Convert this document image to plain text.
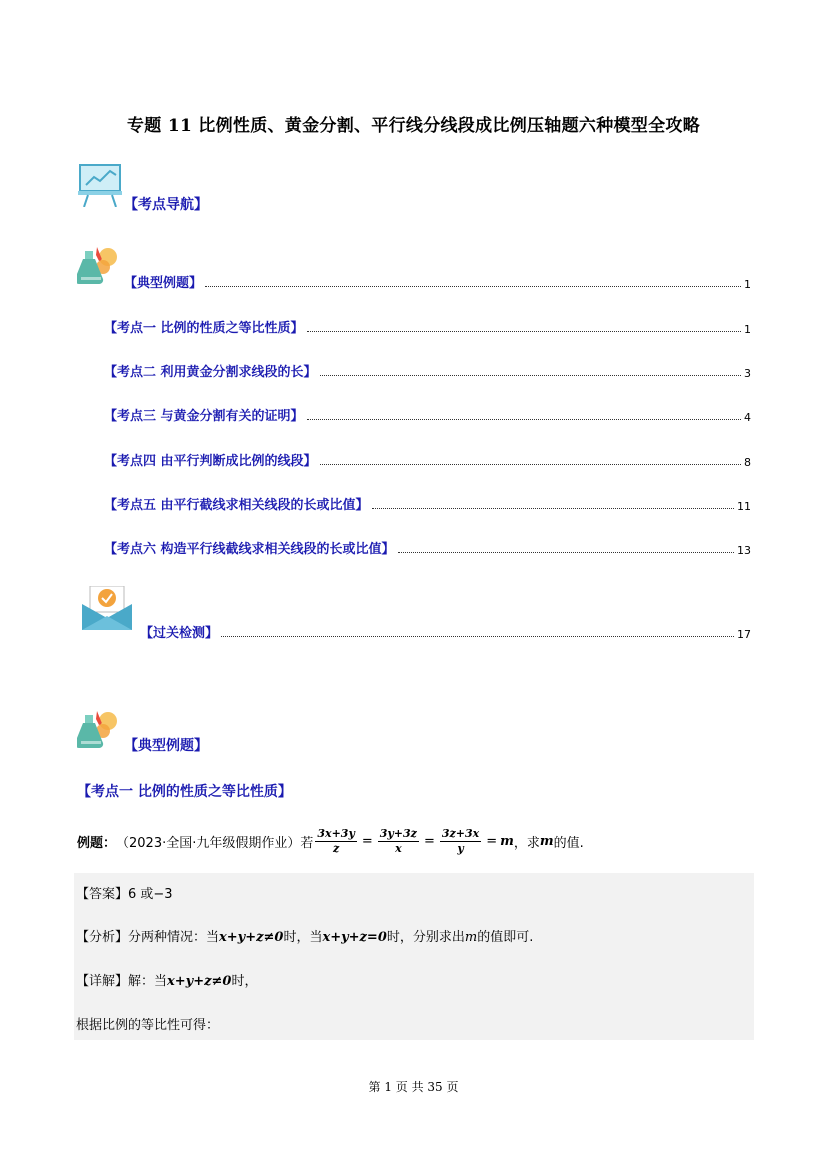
专题 11 比例性质、黄金分割、平行线分线段成比例压轴题六种模型全攻略
【考点导航】
【典型例题】	1
【考点一 比例的性质之等比性质】	1
【考点二 利用黄金分割求线段的长】	3
【考点三 与黄金分割有关的证明】	4
【考点四 由平行判断成比例的线段】	8
【考点五 由平行截线求相关线段的长或比值】	11
【考点六 构造平行线截线求相关线段的长或比值】	13
【过关检测】	17
【典型例题】
【考点一 比例的性质之等比性质】
例题： （2023·全国·九年级假期作业）若 $\frac{3x+3y}{z} = \frac{3y+3z}{x} = \frac{3z+3x}{y} = m$ ，求 m 的值.
【答案】6 或−3
【分析】分两种情况：当x+y+z≠0时，当x+y+z=0时，分别求出m的值即可.
【详解】解：当x+y+z≠0时，
根据比例的等比性可得：
第 1 页 共 35 页
